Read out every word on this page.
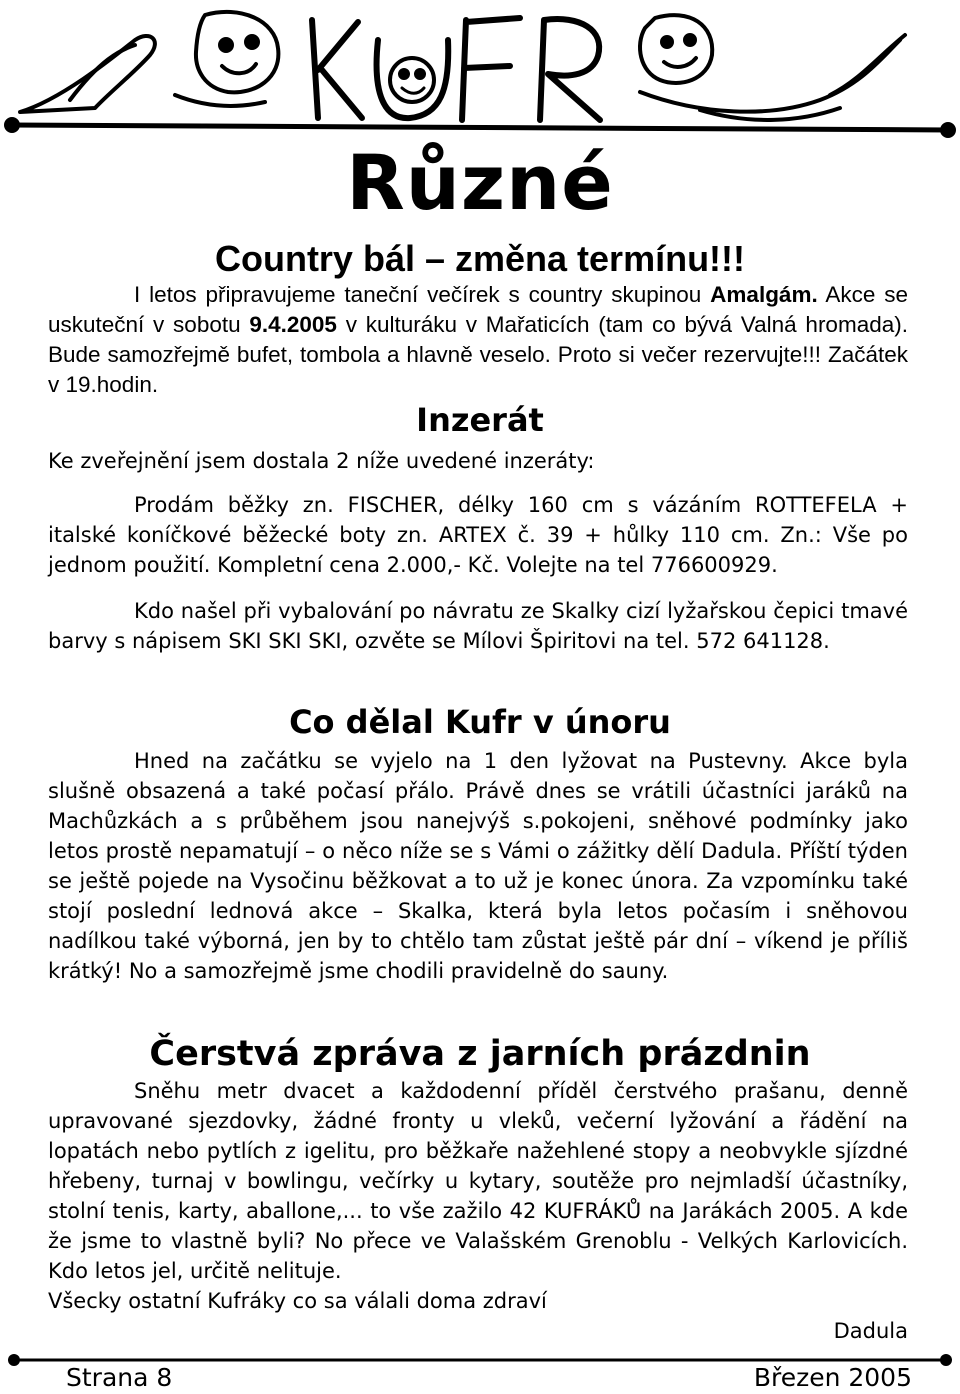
Různé
Country bál – změna termínu!!!
I letos připravujeme taneční večírek s country skupinou Amalgám. Akce se uskuteční v sobotu 9.4.2005 v kulturáku v Mařaticích (tam co bývá Valná hromada). Bude samozřejmě bufet, tombola a hlavně veselo. Proto si večer rezervujte!!! Začátek v 19.hodin.
Inzerát
Ke zveřejnění jsem dostala 2 níže uvedené inzeráty:
Prodám běžky zn. FISCHER, délky 160 cm s vázáním ROTTEFELA + italské koníčkové běžecké boty zn. ARTEX č. 39 + hůlky 110 cm. Zn.: Vše po jednom použití. Kompletní cena 2.000,- Kč. Volejte na tel 776600929.
Kdo našel při vybalování po návratu ze Skalky cizí lyžařskou čepici tmavé barvy s nápisem SKI SKI SKI, ozvěte se Mílovi Špiritovi na tel. 572 641128.
Co dělal Kufr v únoru
Hned na začátku se vyjelo na 1 den lyžovat na Pustevny. Akce byla slušně obsazená a také počasí přálo. Právě dnes se vrátili účastníci jaráků na Machůzkách a s průběhem jsou nanejvýš s.pokojeni, sněhové podmínky jako letos prostě nepamatují – o něco níže se s Vámi o zážitky dělí Dadula. Příští týden se ještě pojede na Vysočinu běžkovat a to už je konec února. Za vzpomínku také stojí poslední lednová akce – Skalka, která byla letos počasím i sněhovou nadílkou také výborná, jen by to chtělo tam zůstat ještě pár dní – víkend je příliš krátký! No a samozřejmě jsme chodili pravidelně do sauny.
Čerstvá zpráva z jarních prázdnin
Sněhu metr dvacet a každodenní příděl čerstvého prašanu, denně upravované sjezdovky, žádné fronty u vleků, večerní lyžování a řádění na lopatách nebo pytlích z igelitu, pro běžkaře nažehlené stopy a neobvykle sjízdné hřebeny, turnaj v bowlingu, večírky u kytary, soutěže pro nejmladší účastníky, stolní tenis, karty, aballone,... to vše zažilo 42 KUFRÁKŮ na Jarákách 2005. A kde že jsme to vlastně byli? No přece ve Valašském Grenoblu - Velkých Karlovicích. Kdo letos jel, určitě nelituje.
Všecky ostatní Kufráky co sa válali doma zdraví
Dadula
Strana 8	Březen 2005
